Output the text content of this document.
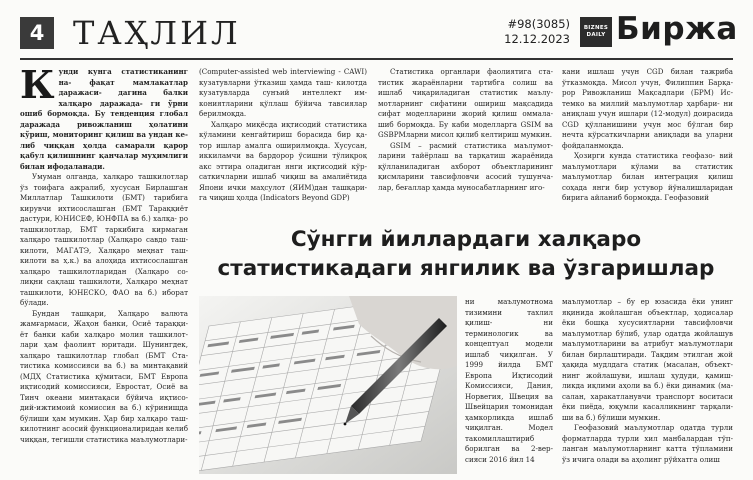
4 ТАҲЛИЛ	#98(3085)
12.12.2023
BIZNES DAILY Биржа

Кунди кунга статистиканинг на- фақат мамлакатлар даражаси- дагина балки халқаро даражада- ги ўрни ошиб бормоқда. Бу тенденция глобал даражада ривожланиш ҳолатини кўриш, мониторинг қилиш ва ундан ке- либ чиққан ҳолда самарали қарор қабул қилишнинг қанчалар муҳимлиги билан ифодаланади.

Умуман олганда, халқаро ташкилотлар ўз тоифага ажралиб, хусусан Бирлашган Миллатлар Ташкилоти (БМТ) тарибига кирувчи ихтисослашган (БМТ Тараққиёт дастури, ЮНИСЕФ, ЮНФПА ва б.) халқа- ро ташкилотлар, БМТ таркибига кирмаган халқаро ташкилотлар (Халқаро савдо таш- килоти, МАГАТЭ, Халқаро меҳнат таш- килоти ва ҳ.к.) ва алоҳида ихтисослашган халқаро ташкилотларидан (Халқаро со- лиқни сақлаш ташкилоти, Халқаро меҳнат ташкилоти, ЮНЕСКО, ФАО ва б.) иборат бўлади.

Бундан ташқари, Халқаро валюта жамғармаси, Жаҳон банки, Осиё тараққи- ёт банки каби халқаро молия ташкилот- лари ҳам фаолият юритади. Шунингдек, халқаро ташкилотлар глобал (БМТ Ста- тистика комиссияси ва б.) ва минтақавий (МДҲ Статистика қўмитаси, БМТ Европа иқтисодий комиссияси, Евростат, Осиё ва Тинч океани минтақаси бўйича иқтисо- дий-ижтимоий комиссия ва б.) кўринишда бўлиши ҳам мумкин. Ҳар бир халқаро таш- килотнинг асосий функционалиридан келиб чиққан, тегишли статистика маълумотлари-

(Computer-assisted web interviewing - CAWI) кузатувларни ўтказиш ҳамда таш- килотда кузатувларда сунъий интеллект им- кониятларини қўллаш бўйича тавсиялар берилмоқда.

Халқаро миқёсда иқтисодий статистика кўламини кенгайтириш борасида бир қа- тор ишлар амалга оширилмоқда. Хусусан, иккиламчи ва бардорор ўсишни тўлиқроқ акс эттира оладиган янги иқтисодий кўр- саткичларни ишлаб чиқиш ва амалиётида Япони ички маҳсулот (ЯИМ)дан ташқари- га чиқиш ҳолда (Indicators Beyond GDP)

Статистика органлари фаолиятига ста- тистик жараёнларни тартибга солиш ва ишлаб чиқариладиган статистик маълу- мотларнинг сифатини ошириш мақсадида сифат моделларини жорий қилиш оммала- шиб бормоқда. Бу каби моделларга GSIM ва GSBPMларни мисол қилиб келтириш мумкин.

GSIM – расмий статистика маълумот- ларини тайёрлаш ва тарқатиш жараёнида қўлланиладиган ахборот объектларининг қисмларини тавсифловчи асосий тушунча- лар, беғаллар ҳамда муносабатларнинг иго-

кани ишлаш учун CGD билан тажриба ўтказмоқда. Мисол учун, Филиппин Барқа- рор Ривожланиш Мақсадлари (БРМ) Ис- темко ва миллий маълумотлар ҳарбари- ни аниқлаш учун ишлари (12-модул) доирасида CGD қўлланишини учун мос бўлган бир нечта кўрсаткичларни аниқлади ва уларни фойдаланмоқда.

Ҳозирги кунда статистика геофазо- вий маълумотлари кўлами ва статистик маълумотлар билан интеграция қилиш соҳада янги бир устувор йўналишларидан бирига айланиб бормоқда. Геофазовий

Сўнгги йиллардаги халқаро
статистикадаги янгилик ва ўзгаришлар

ни маълумотнома тизимини тахлил қилиш- ни терминологик ва концептуал модели ишлаб чиқилган. У 1999 йилда БМТ Европа Иқтисодий Комиссияси, Дания, Норвегия, Швеция ва Швейцария томонидан ҳамкорликда ишлаб чиқилган. Модел такомиллаштириб борилган ва 2-вер- сияси 2016 йил 14

маълумотлар – бу ер юзасида ёки унинг яқинида жойлашган объектлар, ҳодисалар ёки бошқа хусусиятларни тавсифловчи маълумотлар бўлиб, улар одатда жойлашув маълумотларини ва атрибут маълумотлари билан бирлаштиради. Тақдим этилган жой ҳақида мудлдага статик (масалан, объект- нинг жойлашуви, ишлаш ҳудуди, қамиш- ликда иқлими аҳоли ва б.) ёки динамик (ма- салан, харакатланувчи транспорт воситаси ёки пиёда, юқумли касалликнинг тарқали- ши ва б.) бўлиши мумкин.

Геофазовий маълумотлар одатда турли форматларда турли хил манбалардан тўп- ланган маълумотларнинг катта тўпламини ўз ичига олади ва аҳолинг рўйхатга олиш
